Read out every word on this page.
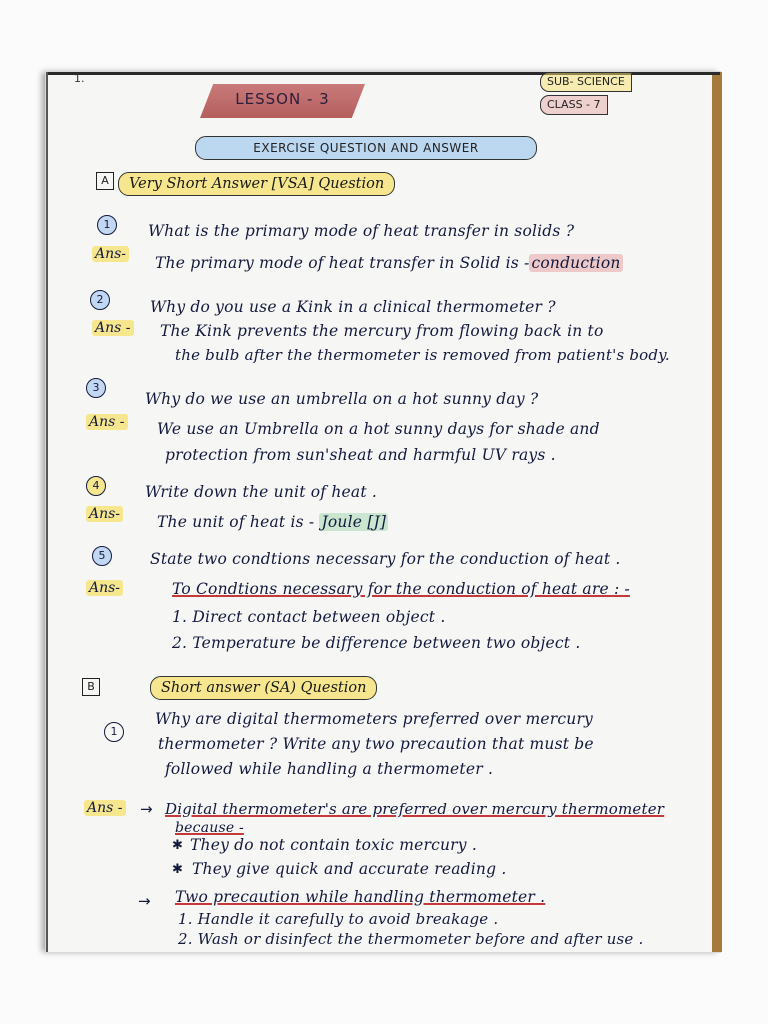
1.
LESSON - 3
SUB- SCIENCE
CLASS - 7
EXERCISE QUESTION AND ANSWER
A	Very Short Answer [VSA] Question
1	What is the primary mode of heat transfer in solids ?
Ans- The primary mode of heat transfer in Solid is - conduction
2	Why do you use a Kink in a clinical thermometer ?
Ans - The Kink prevents the mercury from flowing back in to
the bulb after the thermometer is removed from patient's body.
3
Why do we use an umbrella on a hot sunny day ?
Ans - We use an Umbrella on a hot sunny days for shade and
protection from sun'sheat and harmful UV rays .
4	Write down the unit of heat .
Ans- The unit of heat is - Joule [J]
5	State two condtions necessary for the conduction of heat .
Ans-	To Condtions necessary for the conduction of heat are : -
1. Direct contact between object .
2. Temperature be difference between two object .
B	Short answer (SA) Question
1
Why are digital thermometers preferred over mercury
thermometer ? Write any two precaution that must be
followed while handling a thermometer .
Ans - → Digital thermometer's are preferred over mercury thermometer
because -
✱ They do not contain toxic mercury .
✱ They give quick and accurate reading .
→ Two precaution while handling thermometer .
1. Handle it carefully to avoid breakage .
2. Wash or disinfect the thermometer before and after use .
